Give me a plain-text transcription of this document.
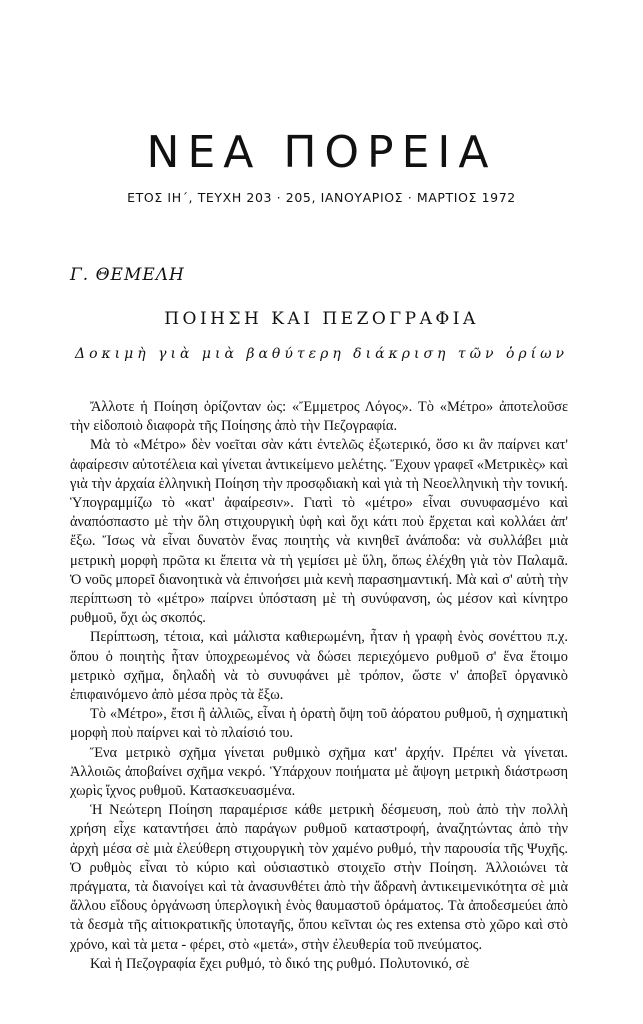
ΝΕΑ ΠΟΡΕΙΑ
ΕΤΟΣ ΙΗ΄, ΤΕΥΧΗ 203 · 205, ΙΑΝΟΥΑΡΙΟΣ · ΜΑΡΤΙΟΣ 1972
Γ. ΘΕΜΕΛΗ
ΠΟΙΗΣΗ ΚΑΙ ΠΕΖΟΓΡΑΦΙΑ
Δοκιμὴ γιὰ μιὰ βαθύτερη διάκριση τῶν ὁρίων

Ἄλλοτε ἡ Ποίηση ὁρίζονταν ὡς: «Ἔμμετρος Λόγος». Τὸ «Μέτρο» ἀποτελοῦσε τὴν εἰδοποιὸ διαφορὰ τῆς Ποίησης ἀπὸ τὴν Πεζογραφία.

Μὰ τὸ «Μέτρο» δὲν νοεῖται σὰν κάτι ἐντελῶς ἐξωτερικό, ὅσο κι ἂν παίρνει κατ' ἀφαίρεσιν αὐτοτέλεια καὶ γίνεται ἀντικείμενο μελέτης. Ἔχουν γραφεῖ «Μετρικὲς» καὶ γιὰ τὴν ἀρχαία ἑλληνικὴ Ποίηση τὴν προσῳδιακὴ καὶ γιὰ τὴ Νεοελληνικὴ τὴν τονική. Ὑπογραμμίζω τὸ «κατ' ἀφαίρεσιν». Γιατὶ τὸ «μέτρο» εἶναι συνυφασμένο καὶ ἀναπόσπαστο μὲ τὴν ὅλη στιχουργικὴ ὑφὴ καὶ ὄχι κάτι ποὺ ἔρχεται καὶ κολλάει ἀπ' ἔξω. Ἴσως νὰ εἶναι δυνατὸν ἕνας ποιητὴς νὰ κινηθεῖ ἀνάποδα: νὰ συλλάβει μιὰ μετρικὴ μορφὴ πρῶτα κι ἔπειτα νὰ τὴ γεμίσει μὲ ὕλη, ὅπως ἐλέχθη γιὰ τὸν Παλαμᾶ. Ὁ νοῦς μπορεῖ διανοητικὰ νὰ ἐπινοήσει μιὰ κενὴ παρασημαντική. Μὰ καὶ σ' αὐτὴ τὴν περίπτωση τὸ «μέτρο» παίρνει ὑπόσταση μὲ τὴ συνύφανση, ὡς μέσον καὶ κίνητρο ρυθμοῦ, ὄχι ὡς σκοπός.

Περίπτωση, τέτοια, καὶ μάλιστα καθιερωμένη, ἦταν ἡ γραφὴ ἑνὸς σονέττου π.χ. ὅπου ὁ ποιητὴς ἦταν ὑποχρεωμένος νὰ δώσει περιεχόμενο ρυθμοῦ σ' ἕνα ἕτοιμο μετρικὸ σχῆμα, δηλαδὴ νὰ τὸ συνυφάνει μὲ τρόπον, ὥστε ν' ἀποβεῖ ὀργανικὸ ἐπιφαινόμενο ἀπὸ μέσα πρὸς τὰ ἔξω.

Τὸ «Μέτρο», ἔτσι ἢ ἀλλιῶς, εἶναι ἡ ὁρατὴ ὄψη τοῦ ἀόρατου ρυθμοῦ, ἡ σχηματικὴ μορφὴ ποὺ παίρνει καὶ τὸ πλαίσιό του.

Ἕνα μετρικὸ σχῆμα γίνεται ρυθμικὸ σχῆμα κατ' ἀρχήν. Πρέπει νὰ γίνεται. Ἀλλοιῶς ἀποβαίνει σχῆμα νεκρό. Ὑπάρχουν ποιήματα μὲ ἄψογη μετρικὴ διάστρωση χωρὶς ἴχνος ρυθμοῦ. Κατασκευασμένα.

Ἡ Νεώτερη Ποίηση παραμέρισε κάθε μετρικὴ δέσμευση, ποὺ ἀπὸ τὴν πολλὴ χρήση εἶχε καταντήσει ἀπὸ παράγων ρυθμοῦ καταστροφή, ἀναζητώντας ἀπὸ τὴν ἀρχὴ μέσα σὲ μιὰ ἐλεύθερη στιχουργικὴ τὸν χαμένο ρυθμό, τὴν παρουσία τῆς Ψυχῆς. Ὁ ρυθμὸς εἶναι τὸ κύριο καὶ οὐσιαστικὸ στοιχεῖο στὴν Ποίηση. Ἀλλοιώνει τὰ πράγματα, τὰ διανοίγει καὶ τὰ ἀνασυνθέτει ἀπὸ τὴν ἄδρανὴ ἀντικειμενικότητα σὲ μιὰ ἄλλου εἴδους ὀργάνωση ὑπερλογικὴ ἑνὸς θαυμαστοῦ ὁράματος. Τὰ ἀποδεσμεύει ἀπὸ τὰ δεσμὰ τῆς αἰτιοκρατικῆς ὑποταγῆς, ὅπου κεῖνται ὡς res extensa στὸ χῶρο καὶ στὸ χρόνο, καὶ τὰ μετα - φέρει, στὸ «μετά», στὴν ἐλευθερία τοῦ πνεύματος.

Καὶ ἡ Πεζογραφία ἔχει ρυθμό, τὸ δικό της ρυθμό. Πολυτονικό, σὲ
